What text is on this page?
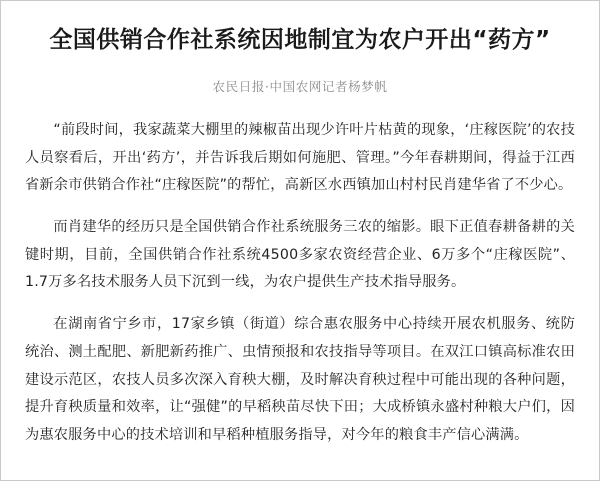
全国供销合作社系统因地制宜为农户开出“药方”
农民日报·中国农网记者杨梦帆

“前段时间，我家蔬菜大棚里的辣椒苗出现少许叶片枯黄的现象，‘庄稼医院’的农技人员察看后，开出‘药方’，并告诉我后期如何施肥、管理。”今年春耕期间，得益于江西省新余市供销合作社“庄稼医院”的帮忙，高新区水西镇加山村村民肖建华省了不少心。

而肖建华的经历只是全国供销合作社系统服务三农的缩影。眼下正值春耕备耕的关键时期，目前，全国供销合作社系统4500多家农资经营企业、6万多个“庄稼医院”、1.7万多名技术服务人员下沉到一线，为农户提供生产技术指导服务。

在湖南省宁乡市，17家乡镇（街道）综合惠农服务中心持续开展农机服务、统防统治、测土配肥、新肥新药推广、虫情预报和农技指导等项目。在双江口镇高标准农田建设示范区，农技人员多次深入育秧大棚，及时解决育秧过程中可能出现的各种问题，提升育秧质量和效率，让“强健”的早稻秧苗尽快下田；大成桥镇永盛村种粮大户们，因为惠农服务中心的技术培训和早稻种植服务指导，对今年的粮食丰产信心满满。
